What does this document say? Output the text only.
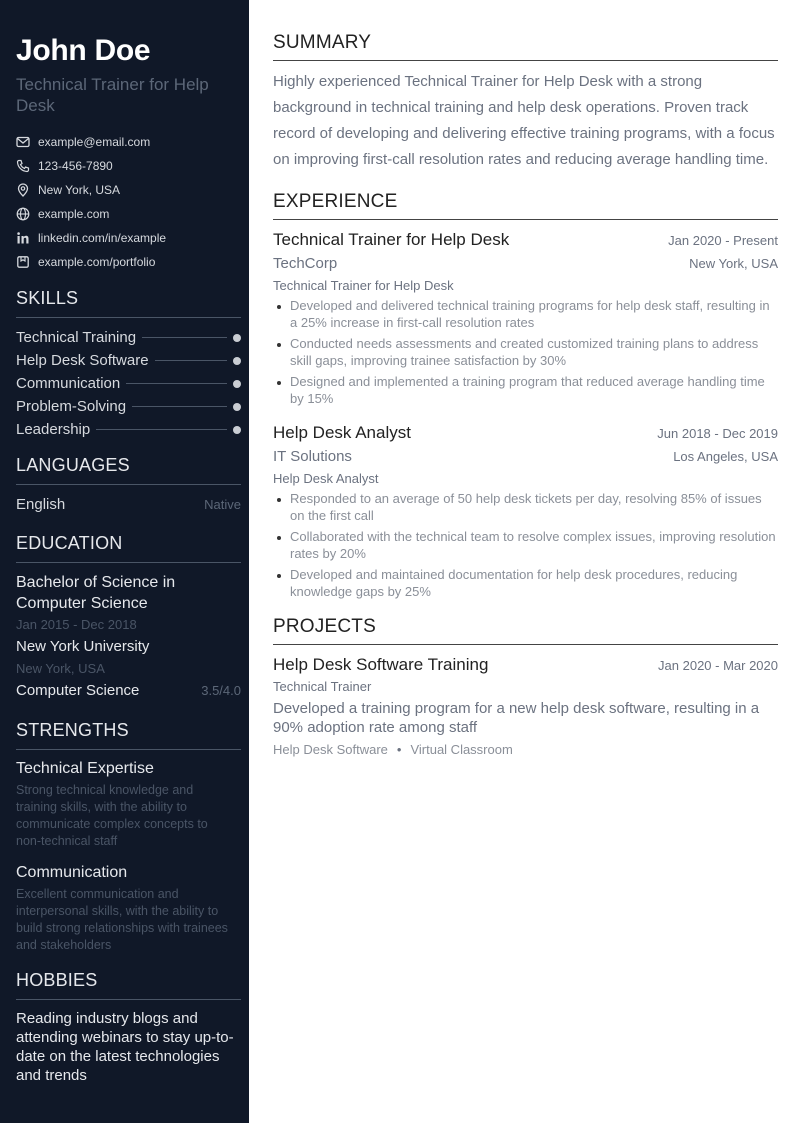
John Doe
Technical Trainer for Help Desk
example@email.com
123-456-7890
New York, USA
example.com
linkedin.com/in/example
example.com/portfolio
SKILLS
Technical Training
Help Desk Software
Communication
Problem-Solving
Leadership
LANGUAGES
English	Native
EDUCATION
Bachelor of Science in Computer Science
Jan 2015 - Dec 2018
New York University
New York, USA
Computer Science	3.5/4.0
STRENGTHS
Technical Expertise
Strong technical knowledge and training skills, with the ability to communicate complex concepts to non-technical staff
Communication
Excellent communication and interpersonal skills, with the ability to build strong relationships with trainees and stakeholders
HOBBIES
Reading industry blogs and attending webinars to stay up-to-date on the latest technologies and trends
SUMMARY
Highly experienced Technical Trainer for Help Desk with a strong background in technical training and help desk operations. Proven track record of developing and delivering effective training programs, with a focus on improving first-call resolution rates and reducing average handling time.
EXPERIENCE
Technical Trainer for Help Desk	Jan 2020 - Present
TechCorp	New York, USA
Technical Trainer for Help Desk
Developed and delivered technical training programs for help desk staff, resulting in a 25% increase in first-call resolution rates
Conducted needs assessments and created customized training plans to address skill gaps, improving trainee satisfaction by 30%
Designed and implemented a training program that reduced average handling time by 15%
Help Desk Analyst	Jun 2018 - Dec 2019
IT Solutions	Los Angeles, USA
Help Desk Analyst
Responded to an average of 50 help desk tickets per day, resolving 85% of issues on the first call
Collaborated with the technical team to resolve complex issues, improving resolution rates by 20%
Developed and maintained documentation for help desk procedures, reducing knowledge gaps by 25%
PROJECTS
Help Desk Software Training	Jan 2020 - Mar 2020
Technical Trainer
Developed a training program for a new help desk software, resulting in a 90% adoption rate among staff
Help Desk Software • Virtual Classroom
